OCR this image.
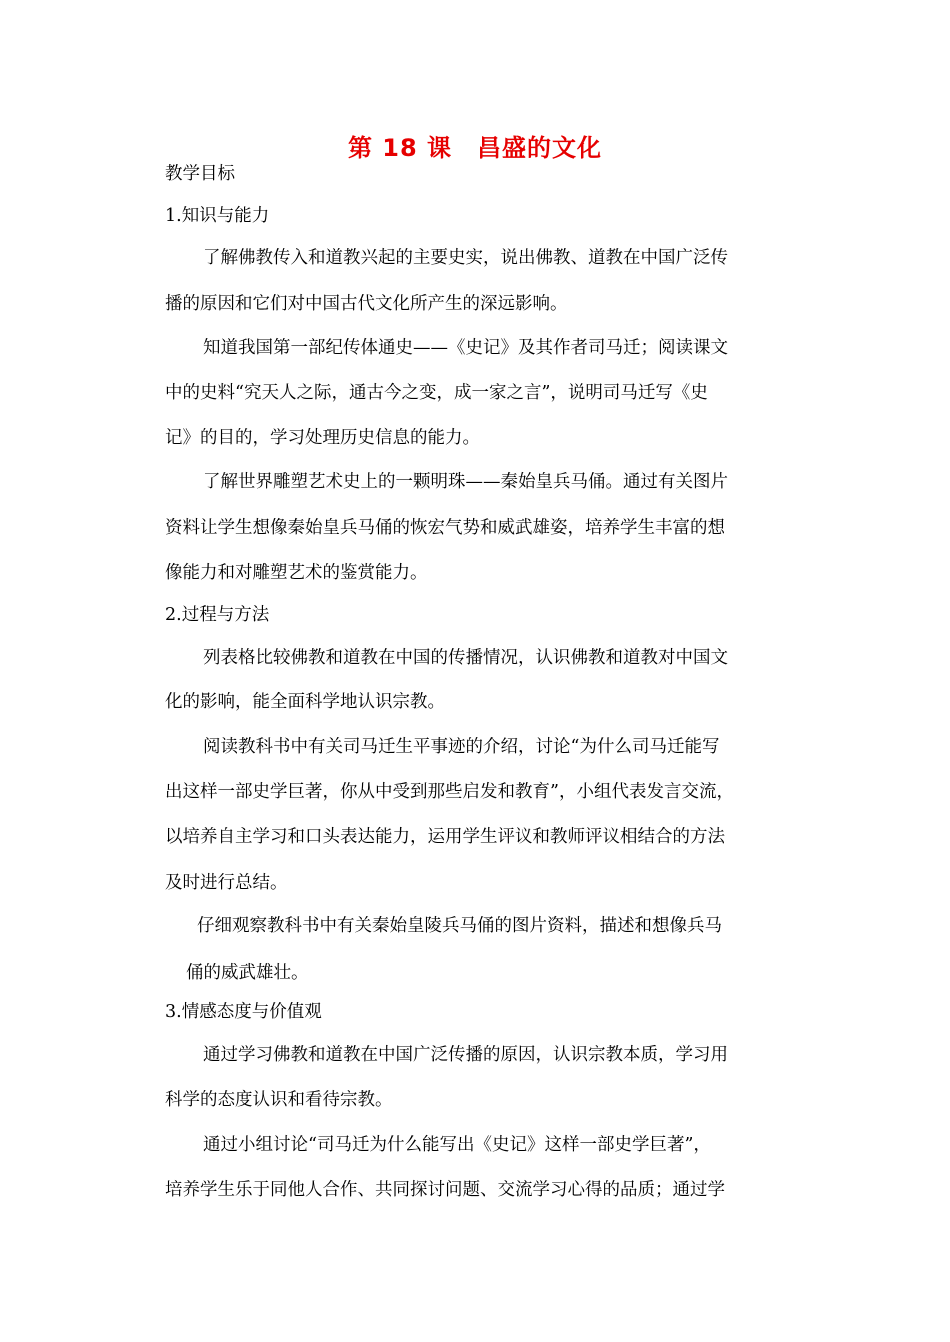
第 18 课　昌盛的文化
教学目标
1.知识与能力
了解佛教传入和道教兴起的主要史实，说出佛教、道教在中国广泛传
播的原因和它们对中国古代文化所产生的深远影响。
知道我国第一部纪传体通史——《史记》及其作者司马迁；阅读课文
中的史料“究天人之际，通古今之变，成一家之言”，说明司马迁写《史
记》的目的，学习处理历史信息的能力。
了解世界雕塑艺术史上的一颗明珠——秦始皇兵马俑。通过有关图片
资料让学生想像秦始皇兵马俑的恢宏气势和威武雄姿，培养学生丰富的想
像能力和对雕塑艺术的鉴赏能力。
2.过程与方法
列表格比较佛教和道教在中国的传播情况，认识佛教和道教对中国文
化的影响，能全面科学地认识宗教。
阅读教科书中有关司马迁生平事迹的介绍，讨论“为什么司马迁能写
出这样一部史学巨著，你从中受到那些启发和教育”，小组代表发言交流，
以培养自主学习和口头表达能力，运用学生评议和教师评议相结合的方法
及时进行总结。
仔细观察教科书中有关秦始皇陵兵马俑的图片资料，描述和想像兵马
俑的威武雄壮。
3.情感态度与价值观
通过学习佛教和道教在中国广泛传播的原因，认识宗教本质，学习用
科学的态度认识和看待宗教。
通过小组讨论“司马迁为什么能写出《史记》这样一部史学巨著”，
培养学生乐于同他人合作、共同探讨问题、交流学习心得的品质；通过学
